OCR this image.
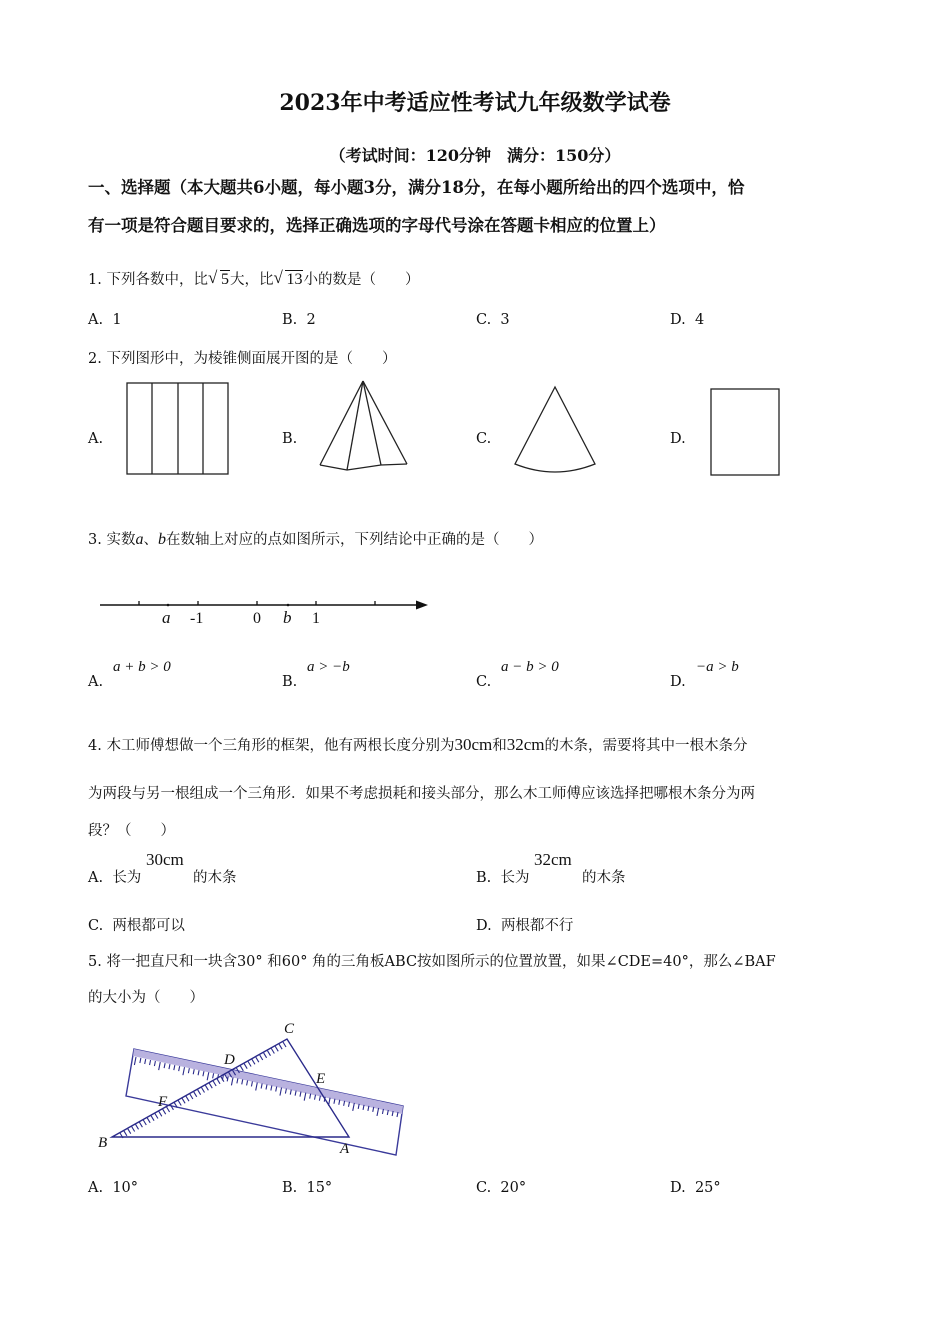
2023年中考适应性考试九年级数学试卷
（考试时间：120分钟　满分：150分）
一、选择题（本大题共6小题，每小题3分，满分18分，在每小题所给出的四个选项中，恰
有一项是符合题目要求的，选择正确选项的字母代号涂在答题卡相应的位置上）
1. 下列各数中，比 √ 5大，比 √ 13小的数是（　　）
A. 1	B. 2	C. 3	D. 4
2. 下列图形中，为棱锥侧面展开图的是（　　）
A.	B.	C.	D.
3. 实数a、b在数轴上对应的点如图所示，下列结论中正确的是（　　）
a -1	0 b 1
A.
a + b > 0
B.
a > −b
C.
a − b > 0
D.
−a > b
4. 木工师傅想做一个三角形的框架，他有两根长度分别为30cm和32cm的木条，需要将其中一根木条分
为两段与另一根组成一个三角形．如果不考虑损耗和接头部分，那么木工师傅应该选择把哪根木条分为两
段？（　　）
A. 长为
30cm
的木条	B. 长为
32cm
的木条
C. 两根都可以	D. 两根都不行
5. 将一把直尺和一块含30° 和60° 角的三角板ABC按如图所示的位置放置，如果∠CDE=40°，那么∠BAF
的大小为（　　）
C
D
E
F
B	A
A. 10°	B. 15°	C. 20°	D. 25°
